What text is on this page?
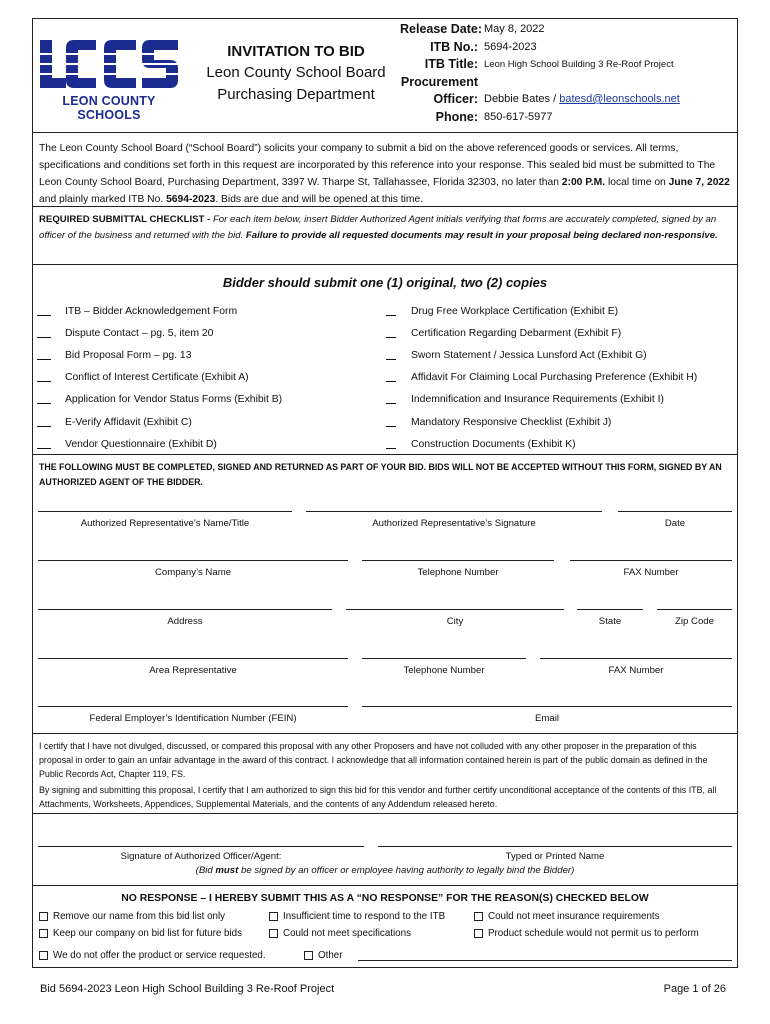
LEON COUNTY SCHOOLS
INVITATION TO BID
Leon County School Board
Purchasing Department
Release Date: May 8, 2022
ITB No.: 5694-2023
ITB Title: Leon High School Building 3 Re-Roof Project
Procurement
Officer: Debbie Bates / batesd@leonschools.net
Phone: 850-617-5977
The Leon County School Board (“School Board”) solicits your company to submit a bid on the above referenced goods or services. All terms, specifications and conditions set forth in this request are incorporated by this reference into your response. This sealed bid must be submitted to The Leon County School Board, Purchasing Department, 3397 W. Tharpe St, Tallahassee, Florida 32303, no later than 2:00 P.M. local time on June 7, 2022 and plainly marked ITB No. 5694-2023. Bids are due and will be opened at this time.
REQUIRED SUBMITTAL CHECKLIST - For each item below, insert Bidder Authorized Agent initials verifying that forms are accurately completed, signed by an officer of the business and returned with the bid. Failure to provide all requested documents may result in your proposal being declared non-responsive.
Bidder should submit one (1) original, two (2) copies
ITB – Bidder Acknowledgement Form
Dispute Contact – pg. 5, item 20
Bid Proposal Form – pg. 13
Conflict of Interest Certificate (Exhibit A)
Application for Vendor Status Forms (Exhibit B)
E-Verify Affidavit (Exhibit C)
Vendor Questionnaire (Exhibit D)
Drug Free Workplace Certification (Exhibit E)
Certification Regarding Debarment (Exhibit F)
Sworn Statement / Jessica Lunsford Act (Exhibit G)
Affidavit For Claiming Local Purchasing Preference (Exhibit H)
Indemnification and Insurance Requirements (Exhibit I)
Mandatory Responsive Checklist (Exhibit J)
Construction Documents (Exhibit K)
THE FOLLOWING MUST BE COMPLETED, SIGNED AND RETURNED AS PART OF YOUR BID. BIDS WILL NOT BE ACCEPTED WITHOUT THIS FORM, SIGNED BY AN AUTHORIZED AGENT OF THE BIDDER.
Authorized Representative’s Name/Title	Authorized Representative’s Signature	Date
Company’s Name	Telephone Number	FAX Number
Address	City	State	Zip Code
Area Representative	Telephone Number	FAX Number
Federal Employer’s Identification Number (FEIN)	Email
I certify that I have not divulged, discussed, or compared this proposal with any other Proposers and have not colluded with any other proposer in the preparation of this proposal in order to gain an unfair advantage in the award of this contract. I acknowledge that all information contained herein is part of the public domain as defined in the Public Records Act, Chapter 119, FS.
By signing and submitting this proposal, I certify that I am authorized to sign this bid for this vendor and further certify unconditional acceptance of the contents of this ITB, all Attachments, Worksheets, Appendices, Supplemental Materials, and the contents of any Addendum released hereto.
Signature of Authorized Officer/Agent:	Typed or Printed Name
(Bid must be signed by an officer or employee having authority to legally bind the Bidder)
NO RESPONSE – I HEREBY SUBMIT THIS AS A “NO RESPONSE” FOR THE REASON(S) CHECKED BELOW
Remove our name from this bid list only	Insufficient time to respond to the ITB	Could not meet insurance requirements
Keep our company on bid list for future bids	Could not meet specifications	Product schedule would not permit us to perform
We do not offer the product or service requested.	Other
Bid 5694-2023 Leon High School Building 3 Re-Roof Project	Page 1 of 26
